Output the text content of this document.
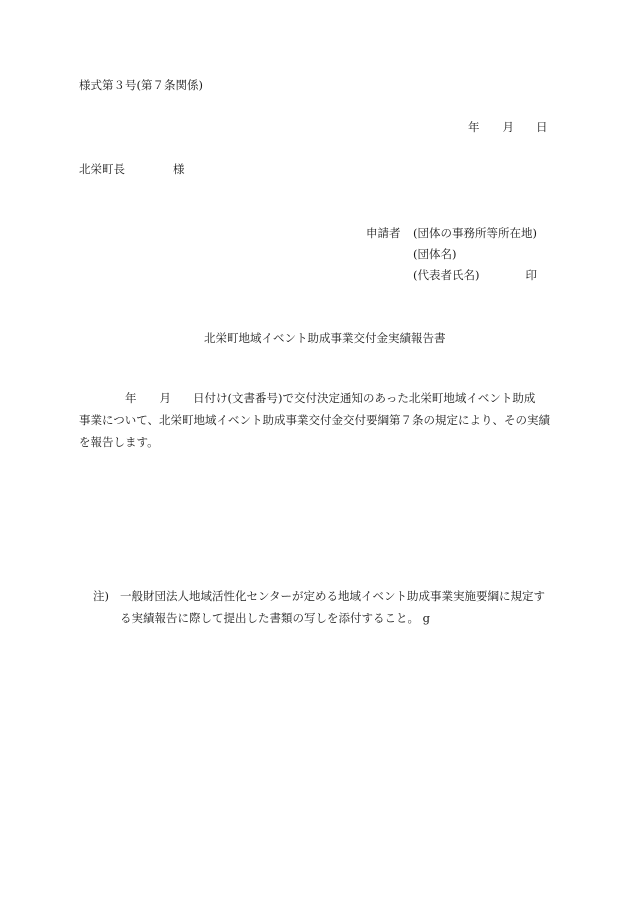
様式第３号(第７条関係)
年 月 日
北栄町長	様
申請者 (団体の事務所等所在地)
(団体名)
(代表者氏名)	印
北栄町地域イベント助成事業交付金実績報告書
年 月 日付け(文書番号)で交付決定通知のあった北栄町地域イベント助成
事業について、北栄町地域イベント助成事業交付金交付要綱第７条の規定により、その実績
を報告します。
注) 一般財団法人地域活性化センターが定める地域イベント助成事業実施要綱に規定す
る実績報告に際して提出した書類の写しを添付すること。 g
